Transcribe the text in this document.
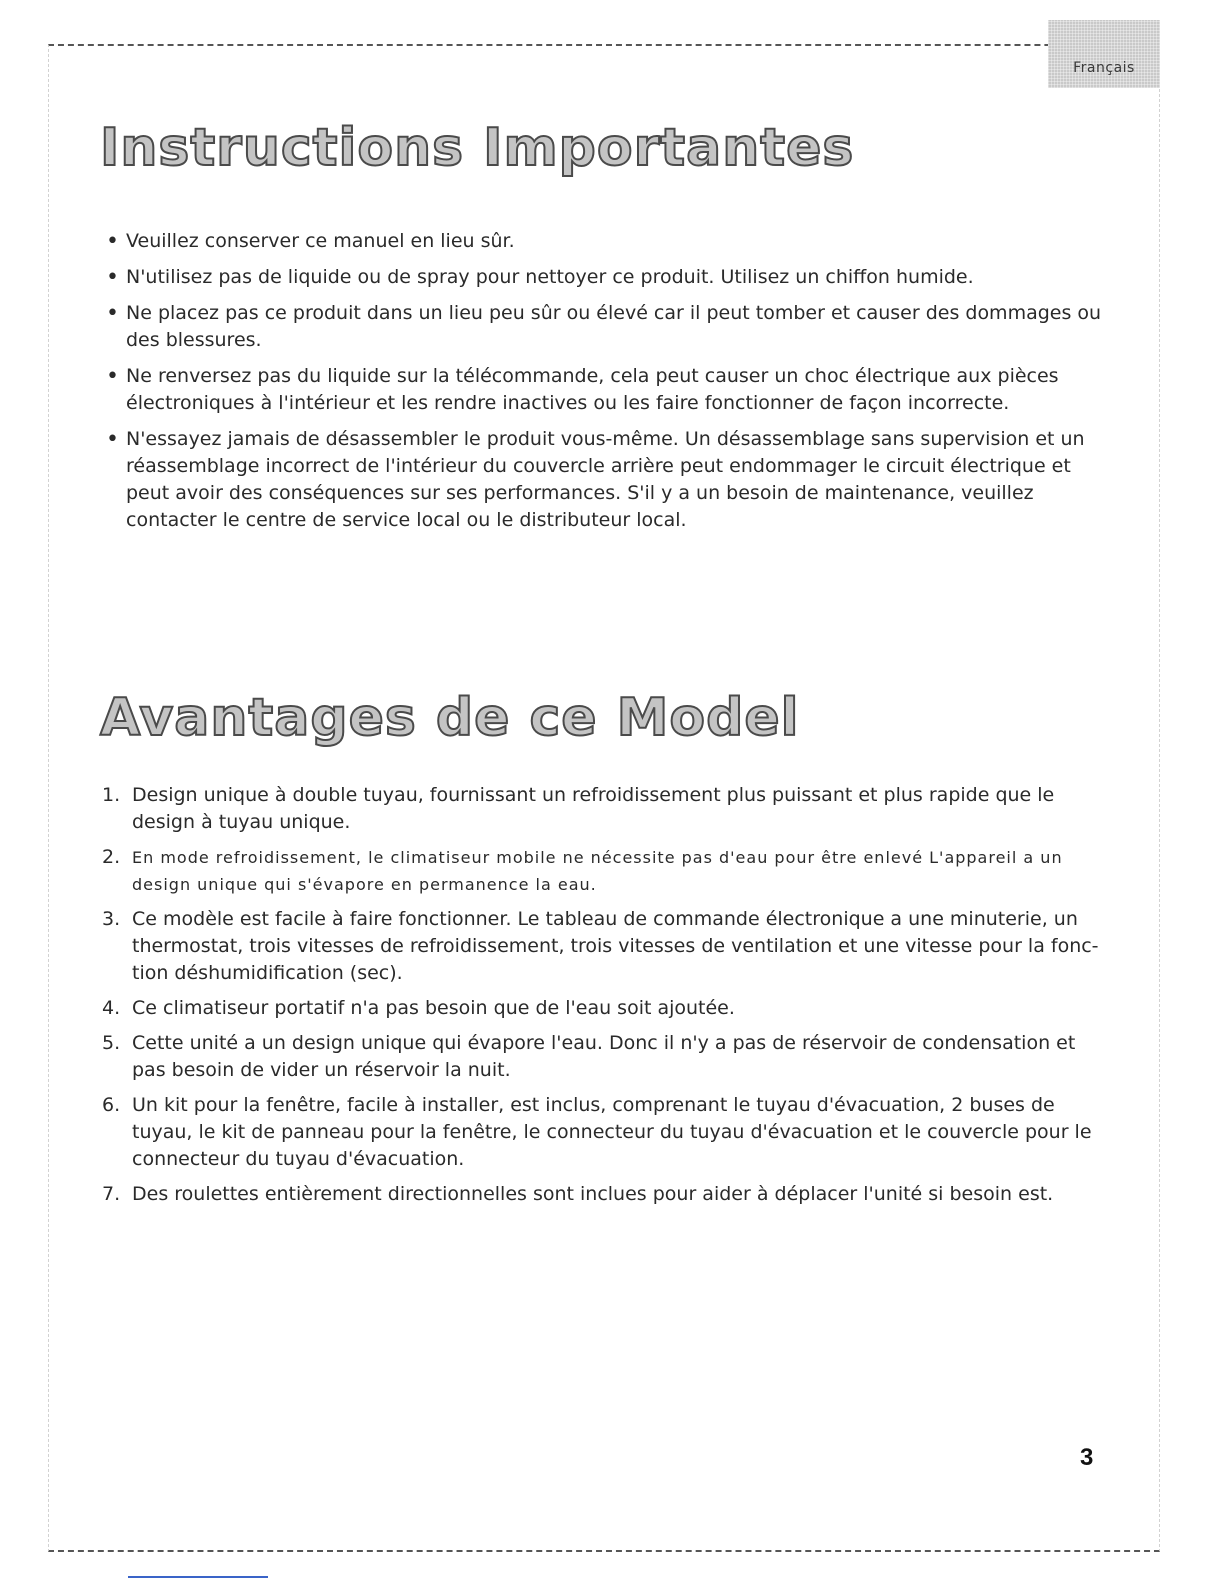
Français
Instructions Importantes
• Veuillez conserver ce manuel en lieu sûr.
• N'utilisez pas de liquide ou de spray pour nettoyer ce produit. Utilisez un chiffon humide.
• Ne placez pas ce produit dans un lieu peu sûr ou élevé car il peut tomber et causer des dommages ou des blessures.
• Ne renversez pas du liquide sur la télécommande, cela peut causer un choc électrique aux pièces électroniques à l'intérieur et les rendre inactives ou les faire fonctionner de façon incorrecte.
• N'essayez jamais de désassembler le produit vous-même. Un désassemblage sans supervision et un réassemblage incorrect de l'intérieur du couvercle arrière peut endommager le circuit électrique et peut avoir des conséquences sur ses performances. S'il y a un besoin de maintenance, veuillez contacter le centre de service local ou le distributeur local.
Avantages de ce Model
1. Design unique à double tuyau, fournissant un refroidissement plus puissant et plus rapide que le design à tuyau unique.
2. En mode refroidissement, le climatiseur mobile ne nécessite pas d'eau pour être enlevé L'appareil a un design unique qui s'évapore en permanence la eau.
3. Ce modèle est facile à faire fonctionner. Le tableau de commande électronique a une minuterie, un thermostat, trois vitesses de refroidissement, trois vitesses de ventilation et une vitesse pour la fonc-tion déshumidification (sec).
4. Ce climatiseur portatif n'a pas besoin que de l'eau soit ajoutée.
5. Cette unité a un design unique qui évapore l'eau. Donc il n'y a pas de réservoir de condensation et pas besoin de vider un réservoir la nuit.
6. Un kit pour la fenêtre, facile à installer, est inclus, comprenant le tuyau d'évacuation, 2 buses de tuyau, le kit de panneau pour la fenêtre, le connecteur du tuyau d'évacuation et le couvercle pour le connecteur du tuyau d'évacuation.
7. Des roulettes entièrement directionnelles sont inclues pour aider à déplacer l'unité si besoin est.
3
